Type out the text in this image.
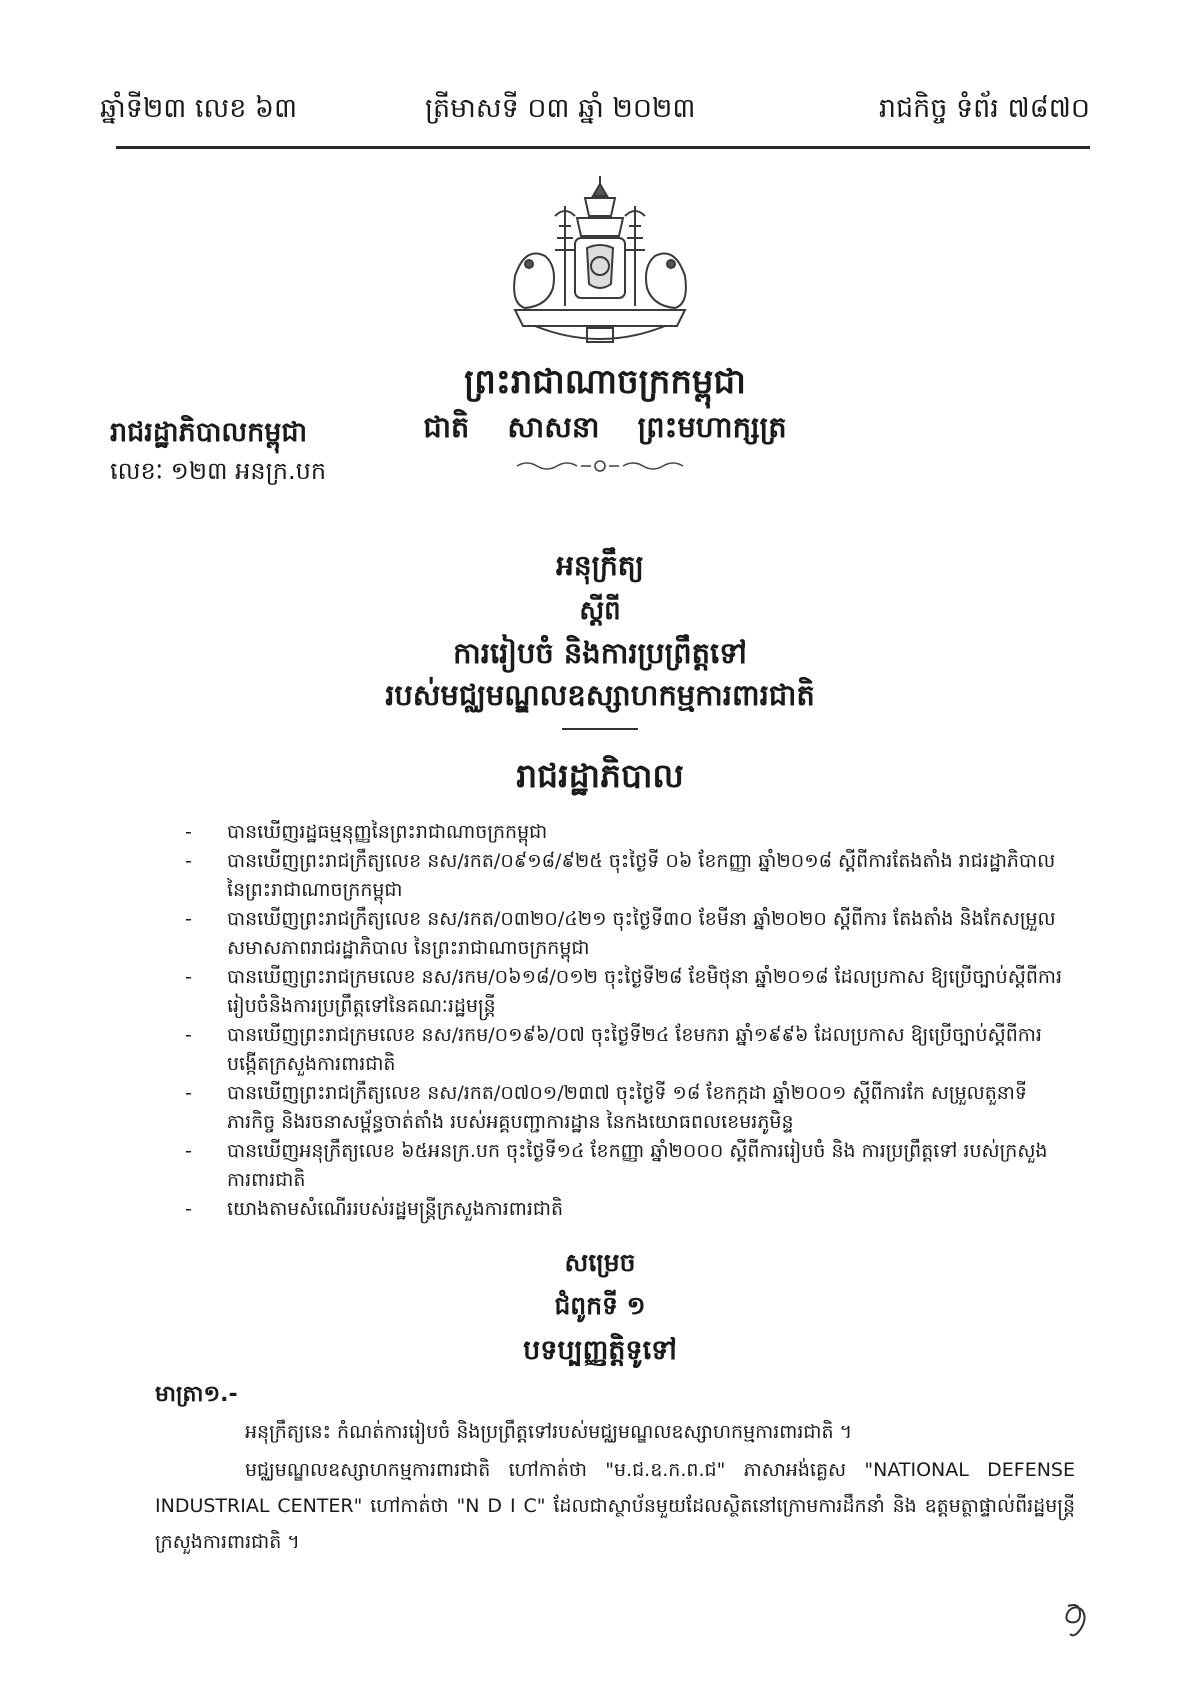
ឆ្នាំទី២៣ លេខ ៦៣	ត្រីមាសទី ០៣ ឆ្នាំ ២០២៣	រាជកិច្ច ទំព័រ ៧៨៧០
ព្រះរាជាណាចក្រកម្ពុជា
ជាតិ សាសនា ព្រះមហាក្សត្រ
រាជរដ្ឋាភិបាលកម្ពុជា
លេខៈ ១២៣ អនក្រ.បក
អនុក្រឹត្យ
ស្ដីពី
ការរៀបចំ និងការប្រព្រឹត្តទៅ
របស់មជ្ឈមណ្ឌលឧស្សាហកម្មការពារជាតិ
រាជរដ្ឋាភិបាល
- បានឃើញរដ្ឋធម្មនុញ្ញនៃព្រះរាជាណាចក្រកម្ពុជា
- បានឃើញព្រះរាជក្រឹត្យលេខ នស/រកត/០៩១៨/៩២៥ ចុះថ្ងៃទី ០៦ ខែកញ្ញា ឆ្នាំ២០១៨ ស្ដីពីការតែងតាំង រាជរដ្ឋាភិបាល នៃព្រះរាជាណាចក្រកម្ពុជា
- បានឃើញព្រះរាជក្រឹត្យលេខ នស/រកត/០៣២០/៤២១ ចុះថ្ងៃទី៣០ ខែមីនា ឆ្នាំ២០២០ ស្ដីពីការ តែងតាំង និងកែសម្រួលសមាសភាពរាជរដ្ឋាភិបាល នៃព្រះរាជាណាចក្រកម្ពុជា
- បានឃើញព្រះរាជក្រមលេខ នស/រកម/០៦១៨/០១២ ចុះថ្ងៃទី២៨ ខែមិថុនា ឆ្នាំ២០១៨ ដែលប្រកាស ឱ្យប្រើច្បាប់ស្ដីពីការរៀបចំនិងការប្រព្រឹត្តទៅនៃគណៈរដ្ឋមន្ត្រី
- បានឃើញព្រះរាជក្រមលេខ នស/រកម/០១៩៦/០៧ ចុះថ្ងៃទី២៤ ខែមករា ឆ្នាំ១៩៩៦ ដែលប្រកាស ឱ្យប្រើច្បាប់ស្ដីពីការបង្កើតក្រសួងការពារជាតិ
- បានឃើញព្រះរាជក្រឹត្យលេខ នស/រកត/០៧០១/២៣៧ ចុះថ្ងៃទី ១៨ ខែកក្កដា ឆ្នាំ២០០១ ស្ដីពីការកែ សម្រួលតួនាទីភារកិច្ច និងរចនាសម្ព័ន្ធចាត់តាំង របស់អគ្គបញ្ជាការដ្ឋាន នៃកងយោធពលខេមរភូមិន្ទ
- បានឃើញអនុក្រឹត្យលេខ ៦៥អនក្រ.បក ចុះថ្ងៃទី១៤ ខែកញ្ញា ឆ្នាំ២០០០ ស្ដីពីការរៀបចំ និង ការប្រព្រឹត្តទៅ របស់ក្រសួងការពារជាតិ
- យោងតាមសំណើររបស់រដ្ឋមន្ត្រីក្រសួងការពារជាតិ
សម្រេច
ជំពូកទី ១
បទប្បញ្ញត្តិទូទៅ
មាត្រា១.-
អនុក្រឹត្យនេះ កំណត់ការរៀបចំ និងប្រព្រឹត្តទៅរបស់មជ្ឈមណ្ឌលឧស្សាហកម្មការពារជាតិ ។
មជ្ឈមណ្ឌលឧស្សាហកម្មការពារជាតិ ហៅកាត់ថា "ម.ជ.ឧ.ក.ព.ជ" ភាសាអង់គ្លេស "NATIONAL DEFENSE INDUSTRIAL CENTER" ហៅកាត់ថា "N D I C" ដែលជាស្ថាប័នមួយដែលស្ថិតនៅក្រោមការដឹកនាំ និង ឧត្តមត្ថាផ្ទាល់ពីរដ្ឋមន្ត្រីក្រសួងការពារជាតិ ។
